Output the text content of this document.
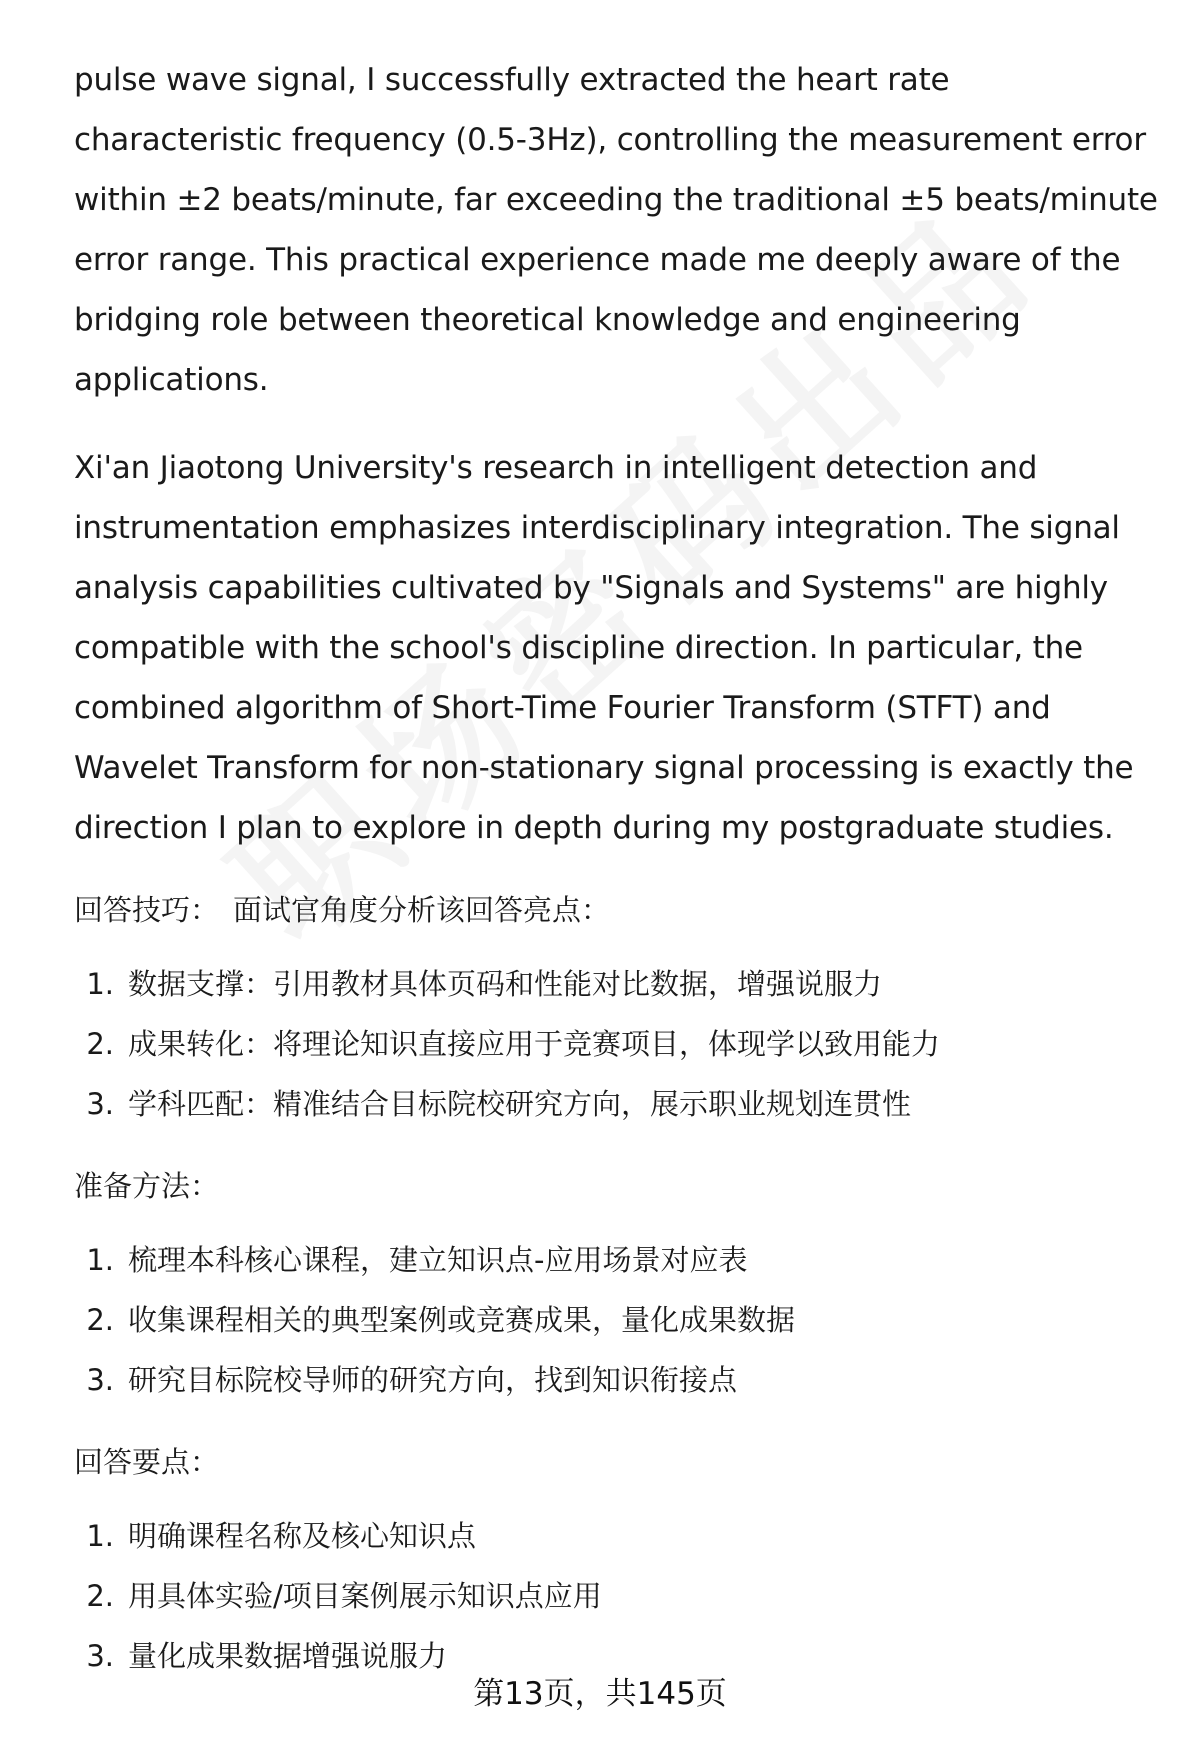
pulse wave signal, I successfully extracted the heart rate characteristic frequency (0.5-3Hz), controlling the measurement error within ±2 beats/minute, far exceeding the traditional ±5 beats/minute error range. This practical experience made me deeply aware of the bridging role between theoretical knowledge and engineering applications.

Xi'an Jiaotong University's research in intelligent detection and instrumentation emphasizes interdisciplinary integration. The signal analysis capabilities cultivated by "Signals and Systems" are highly compatible with the school's discipline direction. In particular, the combined algorithm of Short-Time Fourier Transform (STFT) and Wavelet Transform for non-stationary signal processing is exactly the direction I plan to explore in depth during my postgraduate studies.

回答技巧： 面试官角度分析该回答亮点：
1. 数据支撑：引用教材具体页码和性能对比数据，增强说服力
2. 成果转化：将理论知识直接应用于竞赛项目，体现学以致用能力
3. 学科匹配：精准结合目标院校研究方向，展示职业规划连贯性
准备方法：
1. 梳理本科核心课程，建立知识点-应用场景对应表
2. 收集课程相关的典型案例或竞赛成果，量化成果数据
3. 研究目标院校导师的研究方向，找到知识衔接点
回答要点：
1. 明确课程名称及核心知识点
2. 用具体实验/项目案例展示知识点应用
3. 量化成果数据增强说服力
第13页，共145页
